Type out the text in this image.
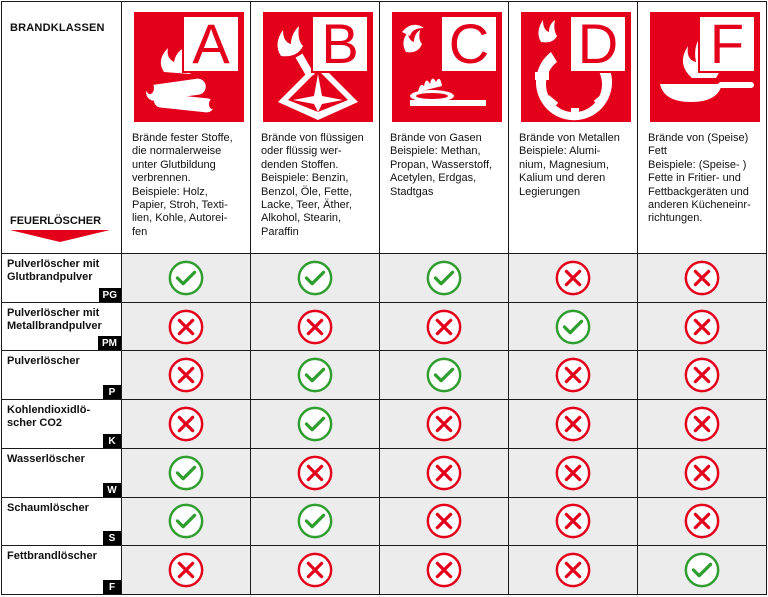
BRANDKLASSEN
FEUERLÖSCHER
A
Brände fester Stoffe,
die normalerweise
unter Glutbildung
verbrennen.
Beispiele: Holz,
Papier, Stroh, Texti-
lien, Kohle, Autorei-
fen
B
Brände von flüssigen
oder flüssig wer-
denden Stoffen.
Beispiele: Benzin,
Benzol, Öle, Fette,
Lacke, Teer, Äther,
Alkohol, Stearin,
Paraffin
C
Brände von Gasen
Beispiele: Methan,
Propan, Wasserstoff,
Acetylen, Erdgas,
Stadtgas
D
Brände von Metallen
Beispiele: Alumi-
nium, Magnesium,
Kalium und deren
Legierungen
F
Brände von (Speise)
Fett
Beispiele: (Speise- )
Fette in Fritier- und
Fettbackgeräten und
anderen Kücheneinr-
richtungen.
Pulverlöscher mit
Glutbrandpulver
PG
Pulverlöscher mit
Metallbrandpulver
PM
Pulverlöscher
P
Kohlendioxidlö-
scher CO2
K
Wasserlöscher
W
Schaumlöscher
S
Fettbrandlöscher
F
